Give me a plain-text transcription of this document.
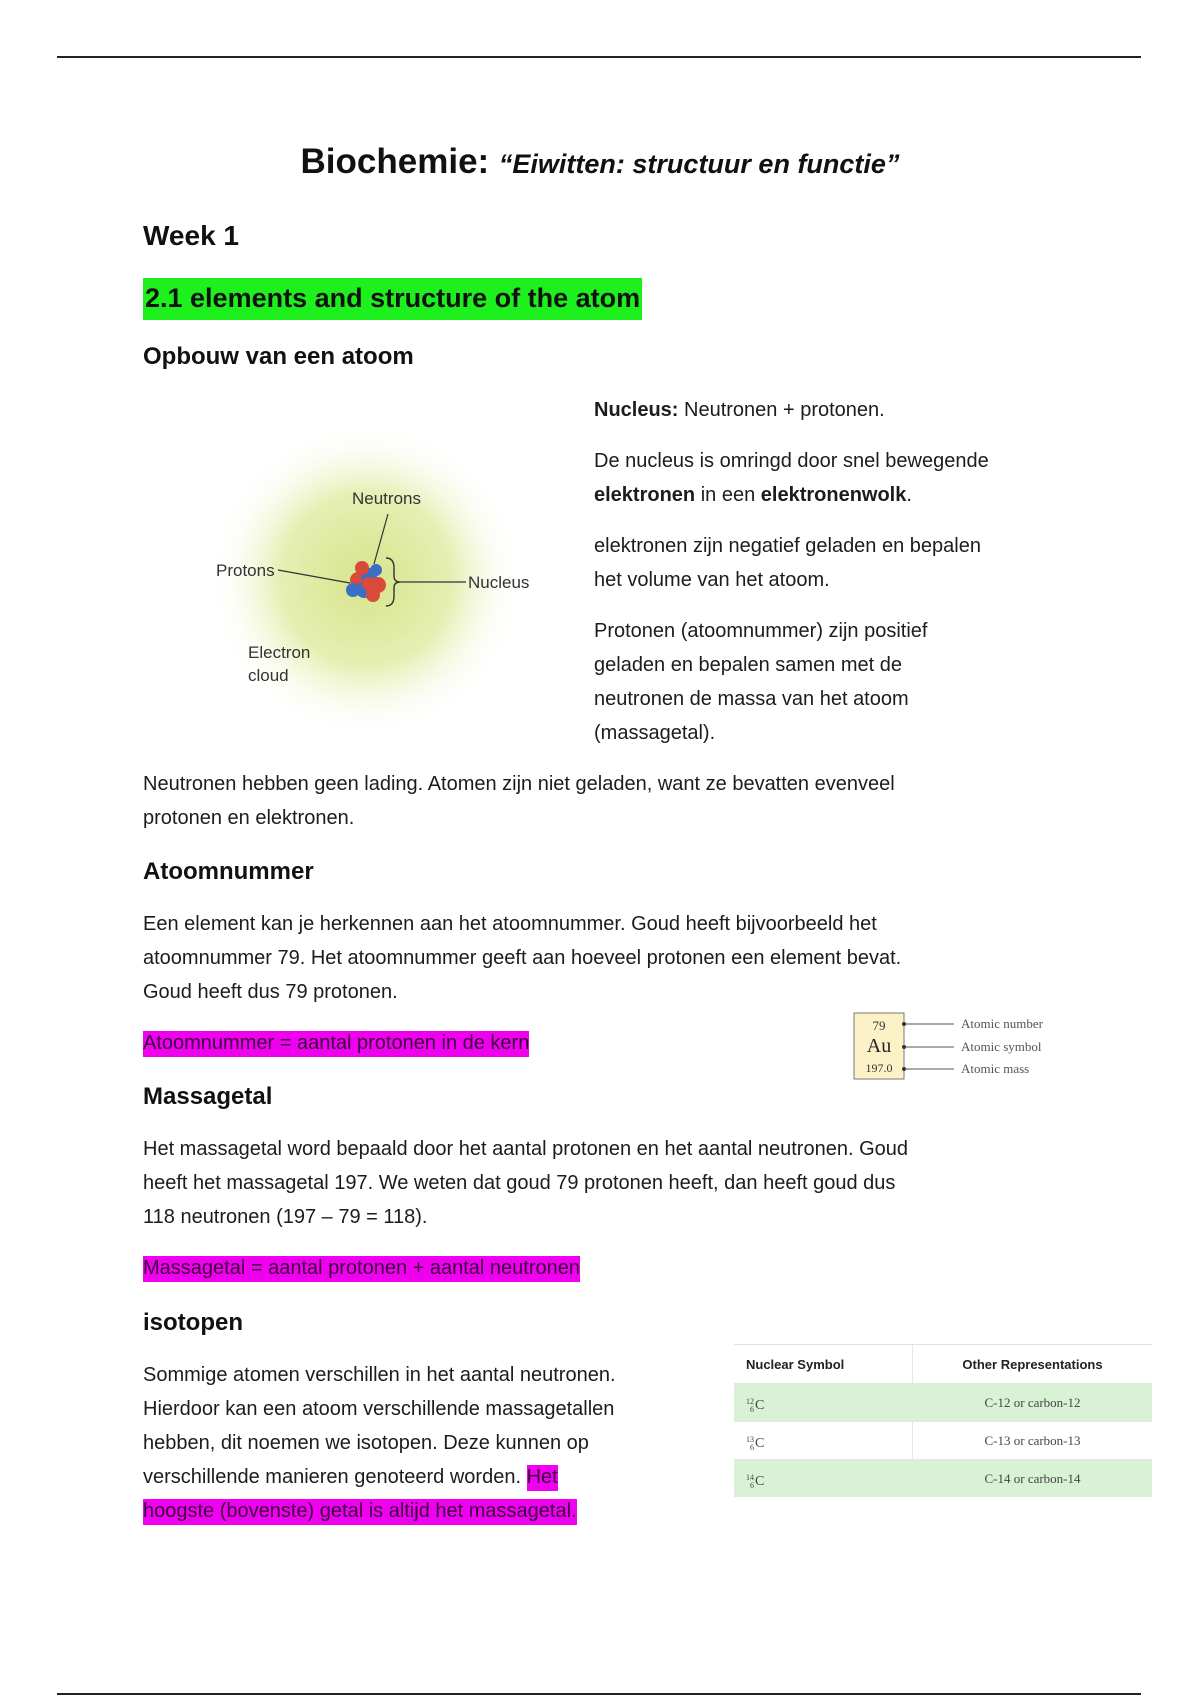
Biochemie: “Eiwitten: structuur en functie”
Week 1
2.1 elements and structure of the atom
Opbouw van een atoom
Neutrons
Protons
Nucleus
Electron
cloud
Nucleus: Neutronen + protonen.
De nucleus is omringd door snel bewegende
elektronen in een elektronenwolk.
elektronen zijn negatief geladen en bepalen
het volume van het atoom.
Protonen (atoomnummer) zijn positief
geladen en bepalen samen met de
neutronen de massa van het atoom
(massagetal).
Neutronen hebben geen lading. Atomen zijn niet geladen, want ze bevatten evenveel
protonen en elektronen.
Atoomnummer
Een element kan je herkennen aan het atoomnummer. Goud heeft bijvoorbeeld het
atoomnummer 79. Het atoomnummer geeft aan hoeveel protonen een element bevat.
Goud heeft dus 79 protonen.
Atoomnummer = aantal protonen in de kern
79
Au
197.0
Atomic number
Atomic symbol
Atomic mass
Massagetal
Het massagetal word bepaald door het aantal protonen en het aantal neutronen. Goud
heeft het massagetal 197. We weten dat goud 79 protonen heeft, dan heeft goud dus
118 neutronen (197 – 79 = 118).
Massagetal = aantal protonen + aantal neutronen
isotopen
Sommige atomen verschillen in het aantal neutronen.
Hierdoor kan een atoom verschillende massagetallen
hebben, dit noemen we isotopen. Deze kunnen op
verschillende manieren genoteerd worden. Het
hoogste (bovenste) getal is altijd het massagetal.
Nuclear Symbol	Other Representations

12
6 C	C-12 or carbon-12

13
6 C	C-13 or carbon-13

14
6 C	C-14 or carbon-14
